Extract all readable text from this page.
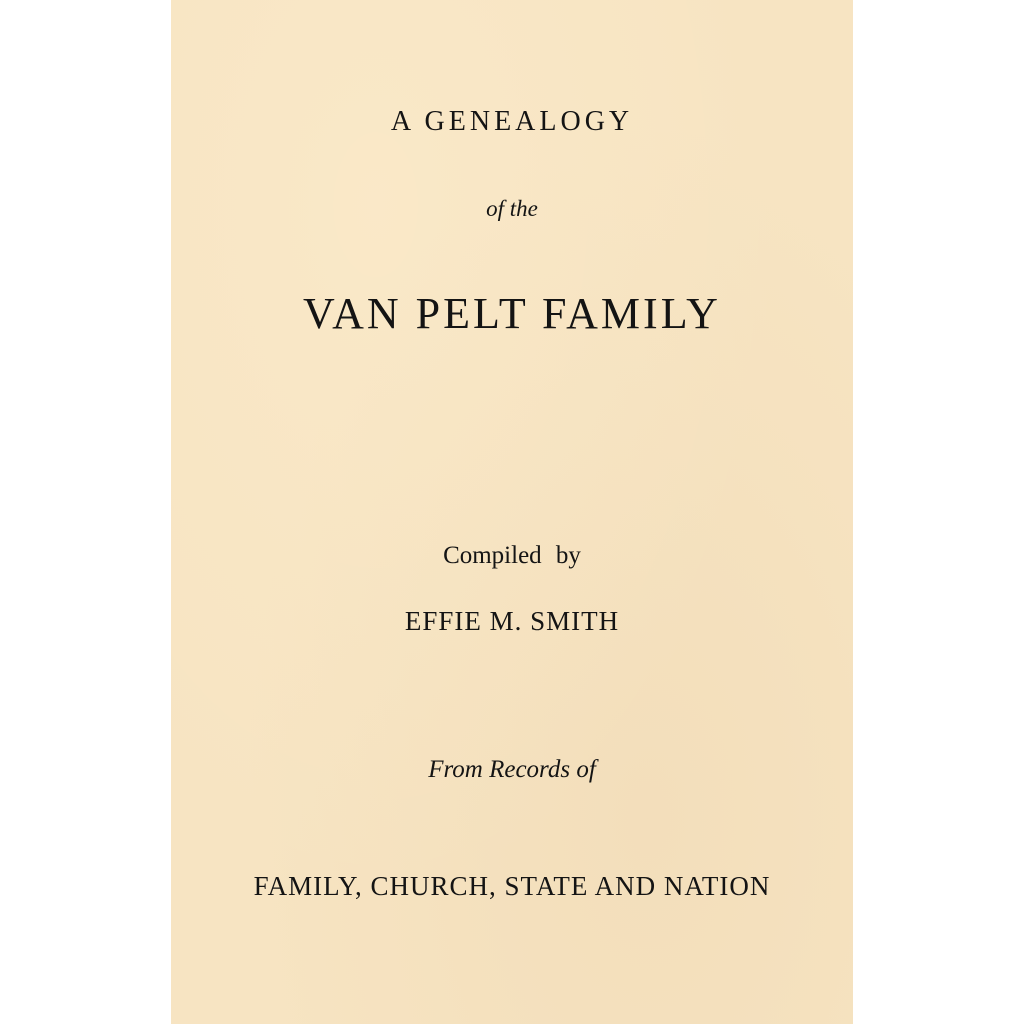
A GENEALOGY
of the
VAN PELT FAMILY
Compiled by
EFFIE M. SMITH
From Records of
FAMILY, CHURCH, STATE AND NATION
